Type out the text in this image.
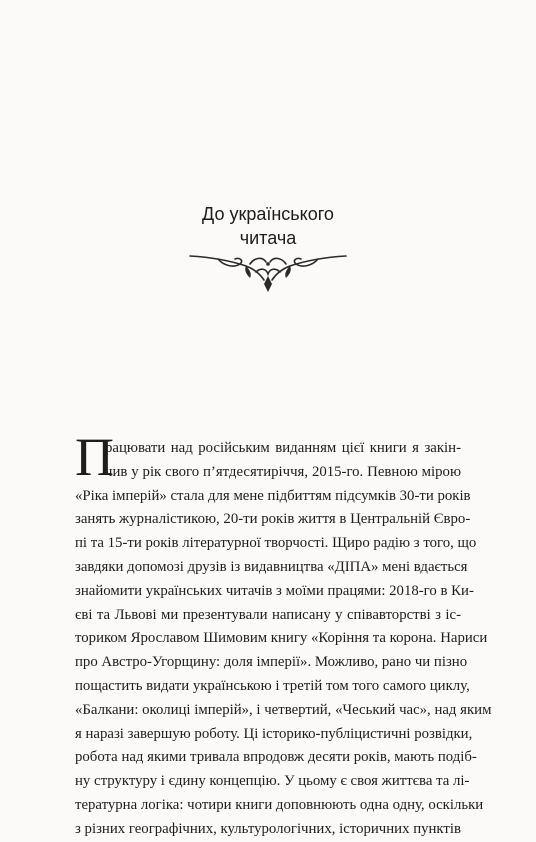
До українського
читача
П
рацювати над російським виданням цієї книги я закін-
чив у рік свого п’ятдесятиріччя, 2015-го. Певною мірою
«Ріка імперій» стала для мене підбиттям підсумків 30-ти років
занять журналістикою, 20-ти років життя в Центральній Євро-
пі та 15-ти років літературної творчості. Щиро радію з того, що
завдяки допомозі друзів із видавництва «ДІПА» мені вдається
знайомити українських читачів з моїми працями: 2018-го в Ки-
єві та Львові ми презентували написану у співавторстві з іс-
ториком Ярославом Шимовим книгу «Коріння та корона. Нариси
про Австро-Угорщину: доля імперії». Можливо, рано чи пізно
пощастить видати українською і третій том того самого циклу,
«Балкани: околиці імперій», і четвертий, «Чеський час», над яким
я наразі завершую роботу. Ці історико-публіцистичні розвідки,
робота над якими тривала впродовж десяти років, мають подіб-
ну структуру і єдину концепцію. У цьому є своя життєва та лі-
тературна логіка: чотири книги доповнюють одна одну, оскільки
з різних географічних, культурологічних, історичних пунктів
